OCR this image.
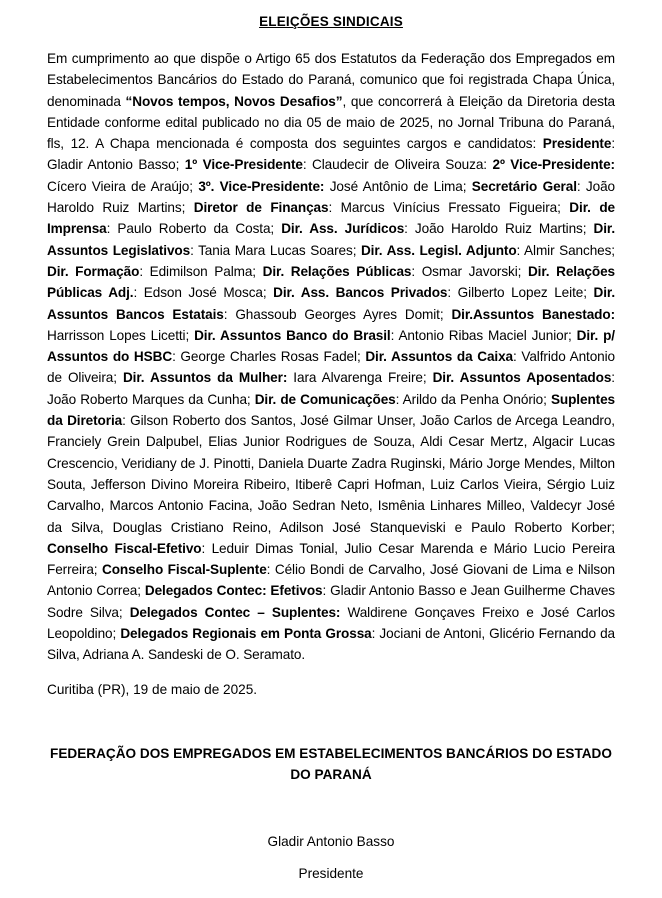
ELEIÇÕES SINDICAIS

Em cumprimento ao que dispõe o Artigo 65 dos Estatutos da Federação dos Empregados em Estabelecimentos Bancários do Estado do Paraná, comunico que foi registrada Chapa Única, denominada “Novos tempos, Novos Desafios”, que concorrerá à Eleição da Diretoria desta Entidade conforme edital publicado no dia 05 de maio de 2025, no Jornal Tribuna do Paraná, fls, 12. A Chapa mencionada é composta dos seguintes cargos e candidatos: Presidente: Gladir Antonio Basso; 1º Vice-Presidente: Claudecir de Oliveira Souza: 2º Vice-Presidente: Cícero Vieira de Araújo; 3º. Vice-Presidente: José Antônio de Lima; Secretário Geral: João Haroldo Ruiz Martins; Diretor de Finanças: Marcus Vinícius Fressato Figueira; Dir. de Imprensa: Paulo Roberto da Costa; Dir. Ass. Jurídicos: João Haroldo Ruiz Martins; Dir. Assuntos Legislativos: Tania Mara Lucas Soares; Dir. Ass. Legisl. Adjunto: Almir Sanches; Dir. Formação: Edimilson Palma; Dir. Relações Públicas: Osmar Javorski; Dir. Relações Públicas Adj.: Edson José Mosca; Dir. Ass. Bancos Privados: Gilberto Lopez Leite; Dir. Assuntos Bancos Estatais: Ghassoub Georges Ayres Domit; Dir.Assuntos Banestado: Harrisson Lopes Licetti; Dir. Assuntos Banco do Brasil: Antonio Ribas Maciel Junior; Dir. p/ Assuntos do HSBC: George Charles Rosas Fadel; Dir. Assuntos da Caixa: Valfrido Antonio de Oliveira; Dir. Assuntos da Mulher: Iara Alvarenga Freire; Dir. Assuntos Aposentados: João Roberto Marques da Cunha; Dir. de Comunicações: Arildo da Penha Onório; Suplentes da Diretoria: Gilson Roberto dos Santos, José Gilmar Unser, João Carlos de Arcega Leandro, Franciely Grein Dalpubel, Elias Junior Rodrigues de Souza, Aldi Cesar Mertz, Algacir Lucas Crescencio, Veridiany de J. Pinotti, Daniela Duarte Zadra Ruginski, Mário Jorge Mendes, Milton Souta, Jefferson Divino Moreira Ribeiro, Itiberê Capri Hofman, Luiz Carlos Vieira, Sérgio Luiz Carvalho, Marcos Antonio Facina, João Sedran Neto, Ismênia Linhares Milleo, Valdecyr José da Silva, Douglas Cristiano Reino, Adilson José Stanqueviski e Paulo Roberto Korber; Conselho Fiscal-Efetivo: Leduir Dimas Tonial, Julio Cesar Marenda e Mário Lucio Pereira Ferreira; Conselho Fiscal-Suplente: Célio Bondi de Carvalho, José Giovani de Lima e Nilson Antonio Correa; Delegados Contec: Efetivos: Gladir Antonio Basso e Jean Guilherme Chaves Sodre Silva; Delegados Contec – Suplentes: Waldirene Gonçaves Freixo e José Carlos Leopoldino; Delegados Regionais em Ponta Grossa: Jociani de Antoni, Glicério Fernando da Silva, Adriana A. Sandeski de O. Seramato.

Curitiba (PR), 19 de maio de 2025.

FEDERAÇÃO DOS EMPREGADOS EM ESTABELECIMENTOS BANCÁRIOS DO ESTADO DO PARANÁ

Gladir Antonio Basso

Presidente
